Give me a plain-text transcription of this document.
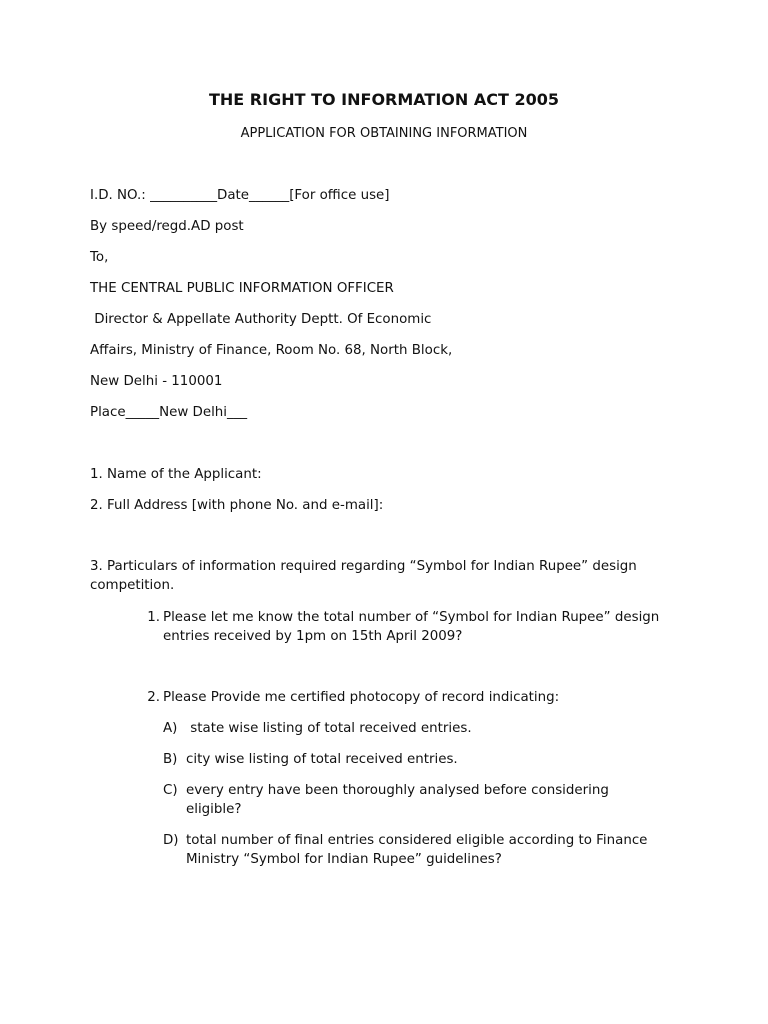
THE RIGHT TO INFORMATION ACT 2005
APPLICATION FOR OBTAINING INFORMATION
I.D. NO.: __________Date______[For office use]
By speed/regd.AD post
To,
THE CENTRAL PUBLIC INFORMATION OFFICER
Director & Appellate Authority Deptt. Of Economic
Affairs, Ministry of Finance, Room No. 68, North Block,
New Delhi - 110001
Place_____New Delhi___
1. Name of the Applicant:
2. Full Address [with phone No. and e-mail]:
3. Particulars of information required regarding “Symbol for Indian Rupee” design competition.
1. Please let me know the total number of “Symbol for Indian Rupee” design entries received by 1pm on 15th April 2009?
2. Please Provide me certified photocopy of record indicating:
A) state wise listing of total received entries.
B) city wise listing of total received entries.
C) every entry have been thoroughly analysed before considering eligible?
D) total number of final entries considered eligible according to Finance Ministry “Symbol for Indian Rupee” guidelines?
